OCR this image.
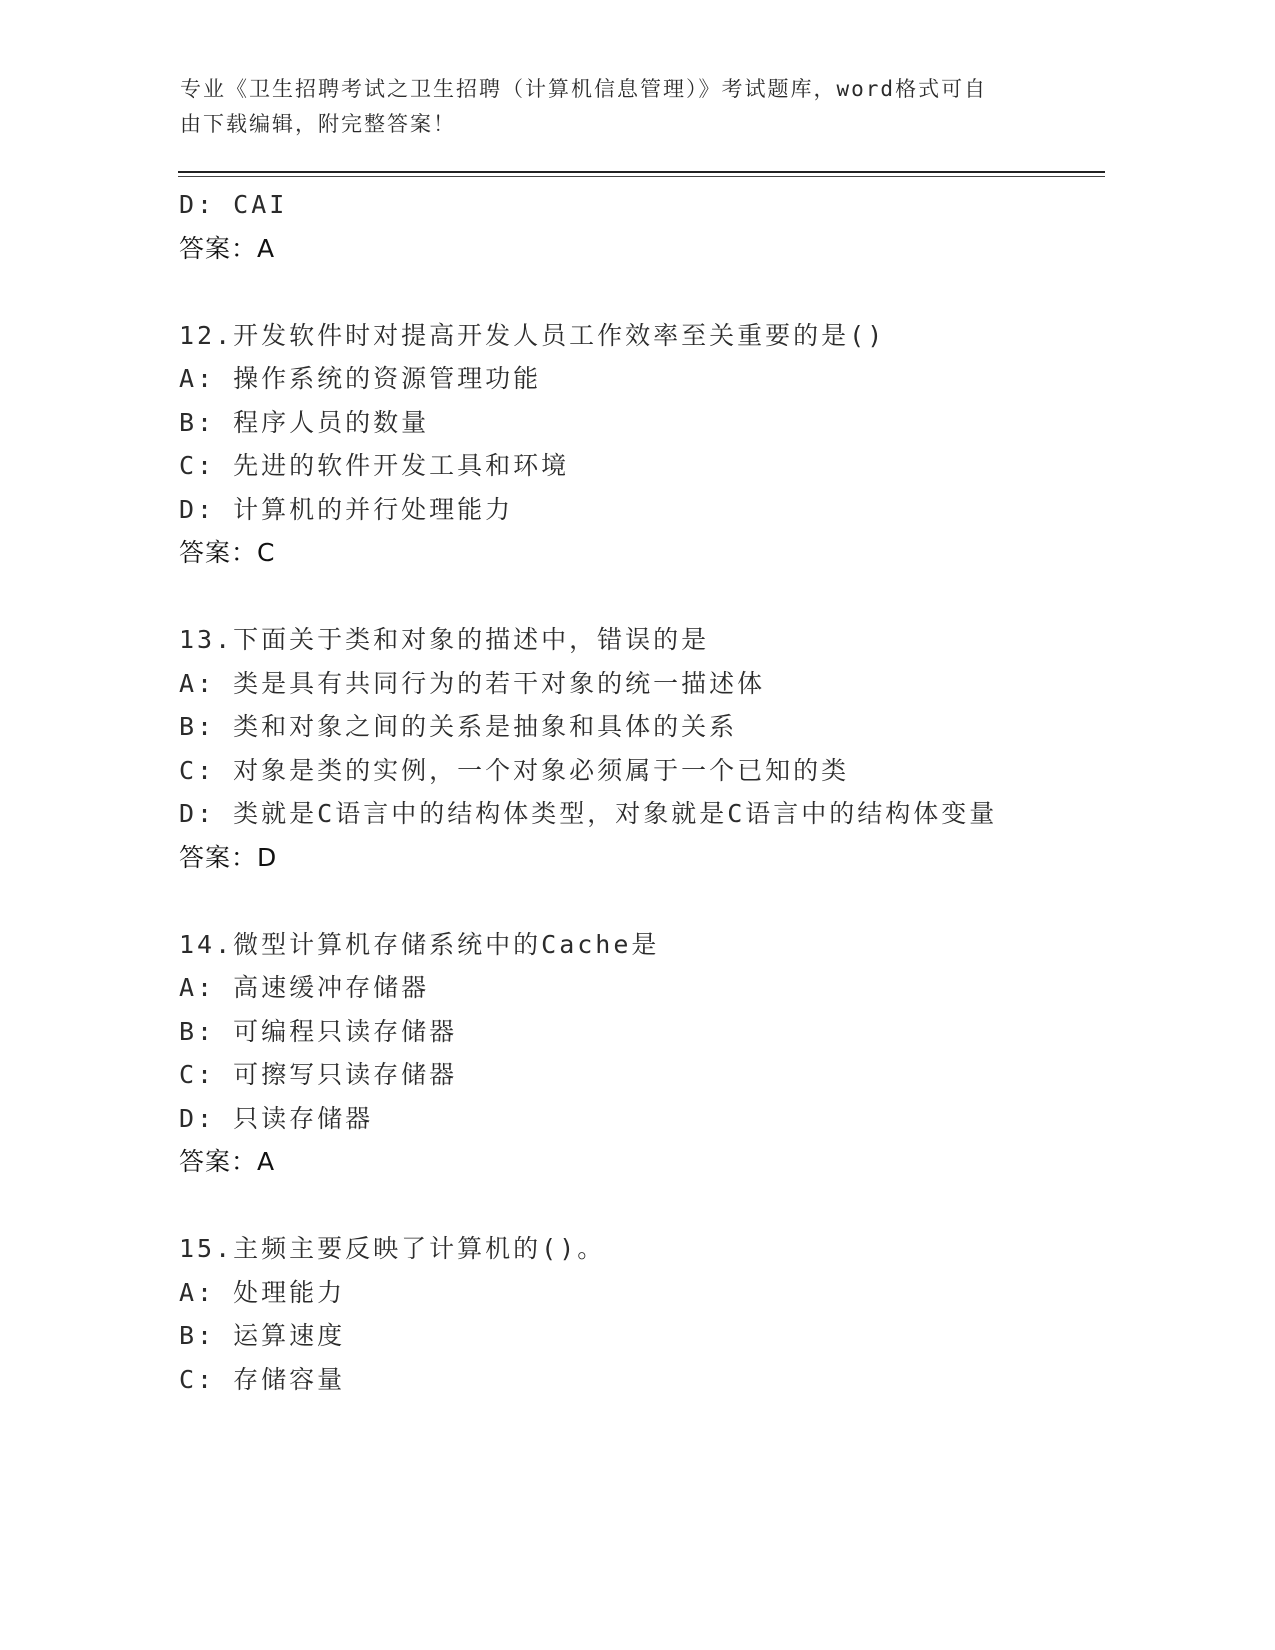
专业《卫生招聘考试之卫生招聘（计算机信息管理）》考试题库，word格式可自
由下载编辑，附完整答案！
D: CAI
答案：A
12.开发软件时对提高开发人员工作效率至关重要的是()
A: 操作系统的资源管理功能
B: 程序人员的数量
C: 先进的软件开发工具和环境
D: 计算机的并行处理能力
答案：C
13.下面关于类和对象的描述中，错误的是
A: 类是具有共同行为的若干对象的统一描述体
B: 类和对象之间的关系是抽象和具体的关系
C: 对象是类的实例，一个对象必须属于一个已知的类
D: 类就是C语言中的结构体类型，对象就是C语言中的结构体变量
答案：D
14.微型计算机存储系统中的Cache是
A: 高速缓冲存储器
B: 可编程只读存储器
C: 可擦写只读存储器
D: 只读存储器
答案：A
15.主频主要反映了计算机的()。
A: 处理能力
B: 运算速度
C: 存储容量
